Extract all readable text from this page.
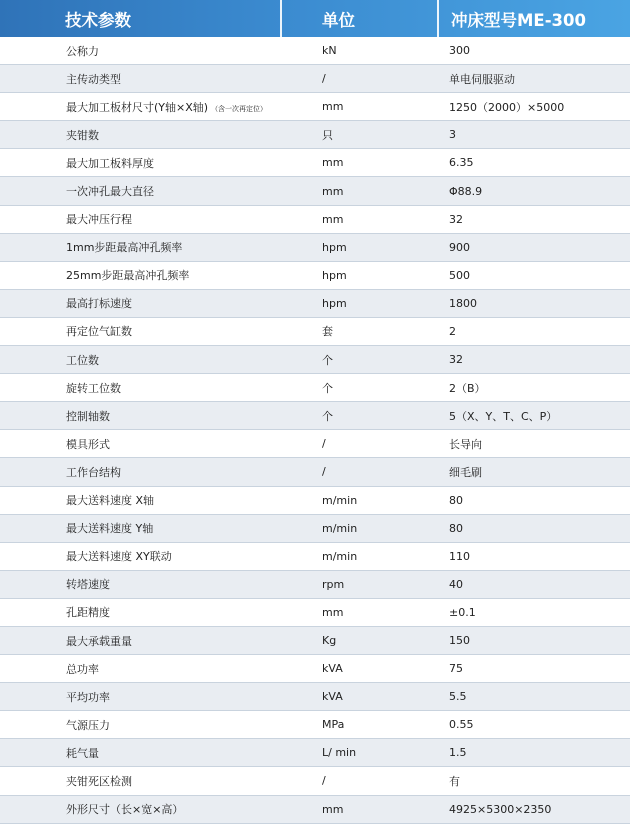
技术参数	单位	冲床型号ME-300
公称力	kN	300
主传动类型	/	单电伺服驱动
最大加工板材尺寸(Y轴×X轴) （含一次再定位）	mm	1250（2000）×5000
夹钳数	只	3
最大加工板料厚度	mm	6.35
一次冲孔最大直径	mm	Φ88.9
最大冲压行程	mm	32
1mm步距最高冲孔频率	hpm	900
25mm步距最高冲孔频率	hpm	500
最高打标速度	hpm	1800
再定位气缸数	套	2
工位数	个	32
旋转工位数	个	2（B）
控制轴数	个	5（X、Y、T、C、P）
模具形式	/	长导向
工作台结构	/	细毛刷
最大送料速度 X轴	m/min	80
最大送料速度 Y轴	m/min	80
最大送料速度 XY联动	m/min	110
转塔速度	rpm	40
孔距精度	mm	±0.1
最大承载重量	Kg	150
总功率	kVA	75
平均功率	kVA	5.5
气源压力	MPa	0.55
耗气量	L/ min	1.5
夹钳死区检测	/	有
外形尺寸（长×宽×高）	mm	4925×5300×2350
